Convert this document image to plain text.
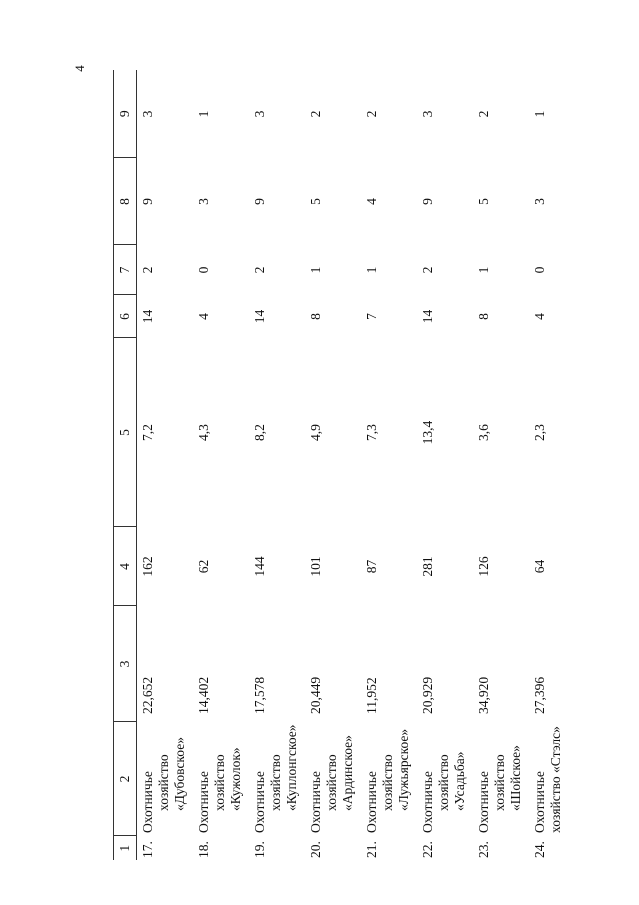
4
1	2	3	4	5	6	7	8	9
17.	Охотничье хозяйство «Дубовское»	22,652	162	7,2	14	2	9	3
18.	Охотничье хозяйство «Кужолок»	14,402	62	4,3	4	0	3	1
19.	Охотничье хозяйство «Куплонгское»	17,578	144	8,2	14	2	9	3
20.	Охотничье хозяйство «Ардинское»	20,449	101	4,9	8	1	5	2
21.	Охотничье хозяйство «Лужьярское»	11,952	87	7,3	7	1	4	2
22.	Охотничье хозяйство «Усадьба»	20,929	281	13,4	14	2	9	3
23.	Охотничье хозяйство «Шойское»	34,920	126	3,6	8	1	5	2
24.	Охотничье хозяйство «Стэлс»	27,396	64	2,3	4	0	3	1
